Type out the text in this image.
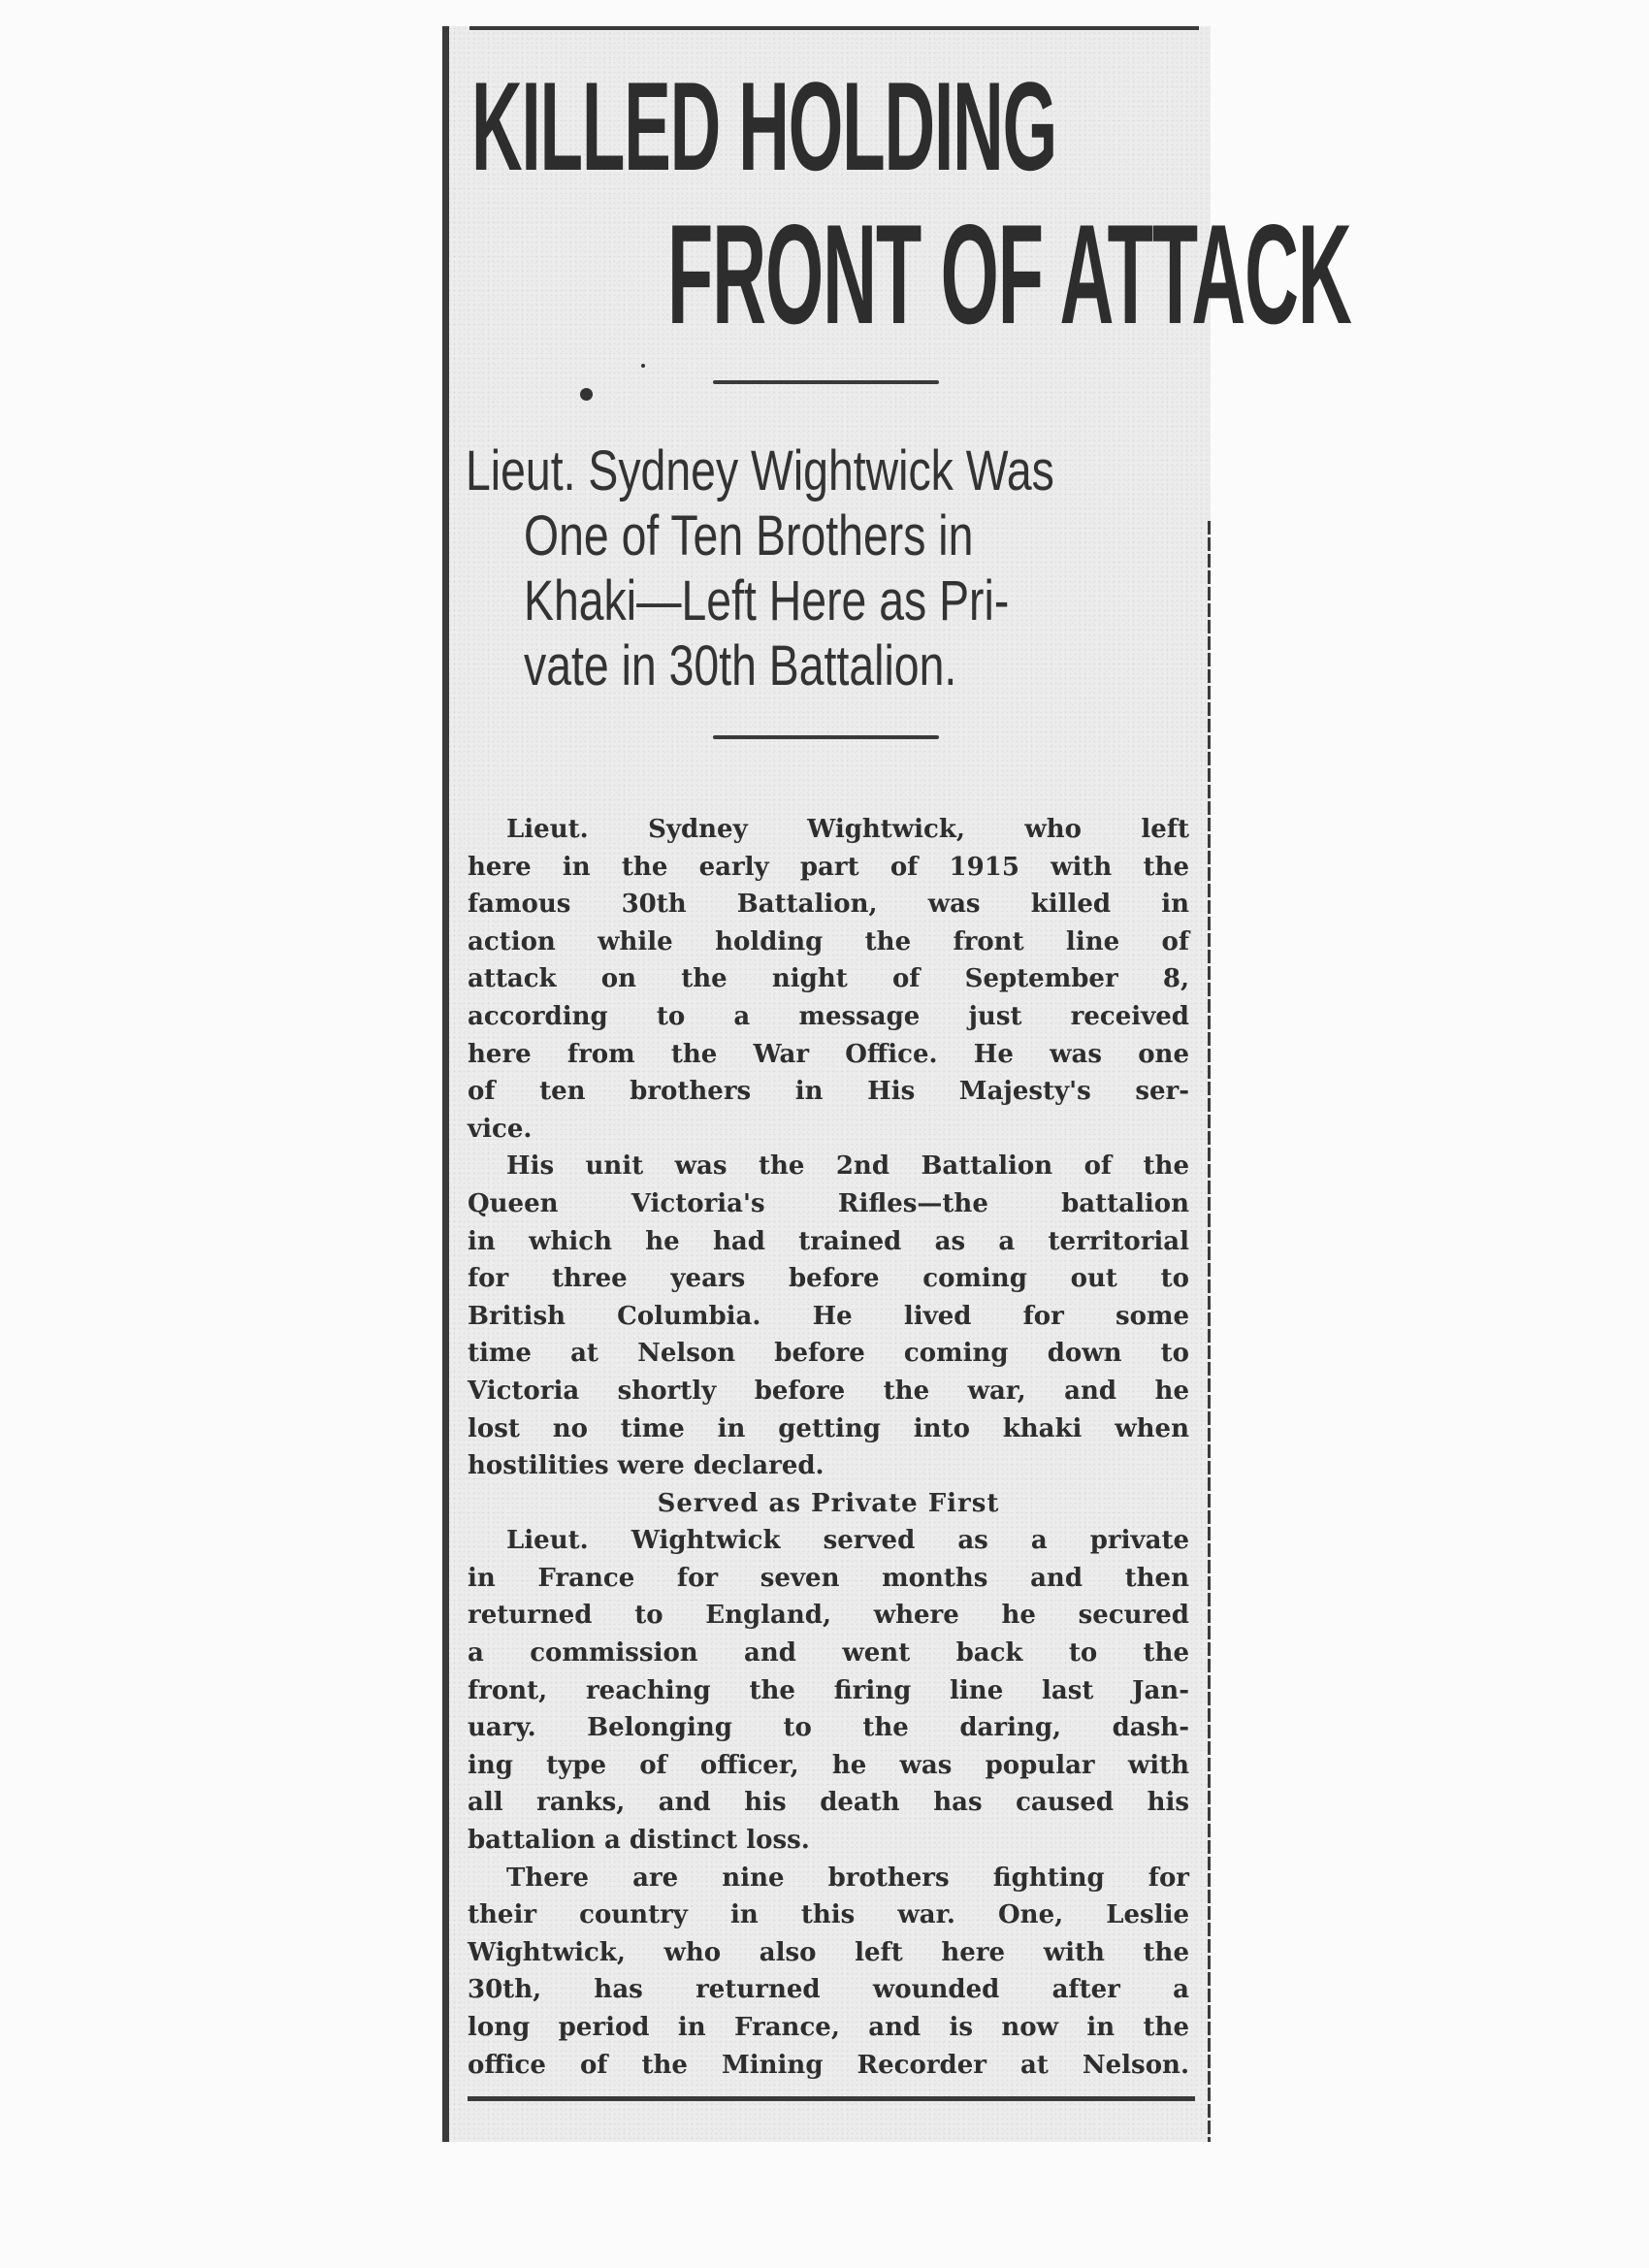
KILLED HOLDING
FRONT OF ATTACK
Lieut. Sydney Wightwick Was
One of Ten Brothers in
Khaki—Left Here as Pri-
vate in 30th Battalion.
Lieut. Sydney Wightwick, who left
here in the early part of 1915 with the
famous 30th Battalion, was killed in
action while holding the front line of
attack on the night of September 8,
according to a message just received
here from the War Office. He was one
of ten brothers in His Majesty's ser-
vice.
His unit was the 2nd Battalion of the
Queen Victoria's Rifles—the battalion
in which he had trained as a territorial
for three years before coming out to
British Columbia. He lived for some
time at Nelson before coming down to
Victoria shortly before the war, and he
lost no time in getting into khaki when
hostilities were declared.
Served as Private First
Lieut. Wightwick served as a private
in France for seven months and then
returned to England, where he secured
a commission and went back to the
front, reaching the firing line last Jan-
uary. Belonging to the daring, dash-
ing type of officer, he was popular with
all ranks, and his death has caused his
battalion a distinct loss.
There are nine brothers fighting for
their country in this war. One, Leslie
Wightwick, who also left here with the
30th, has returned wounded after a
long period in France, and is now in the
office of the Mining Recorder at Nelson.
